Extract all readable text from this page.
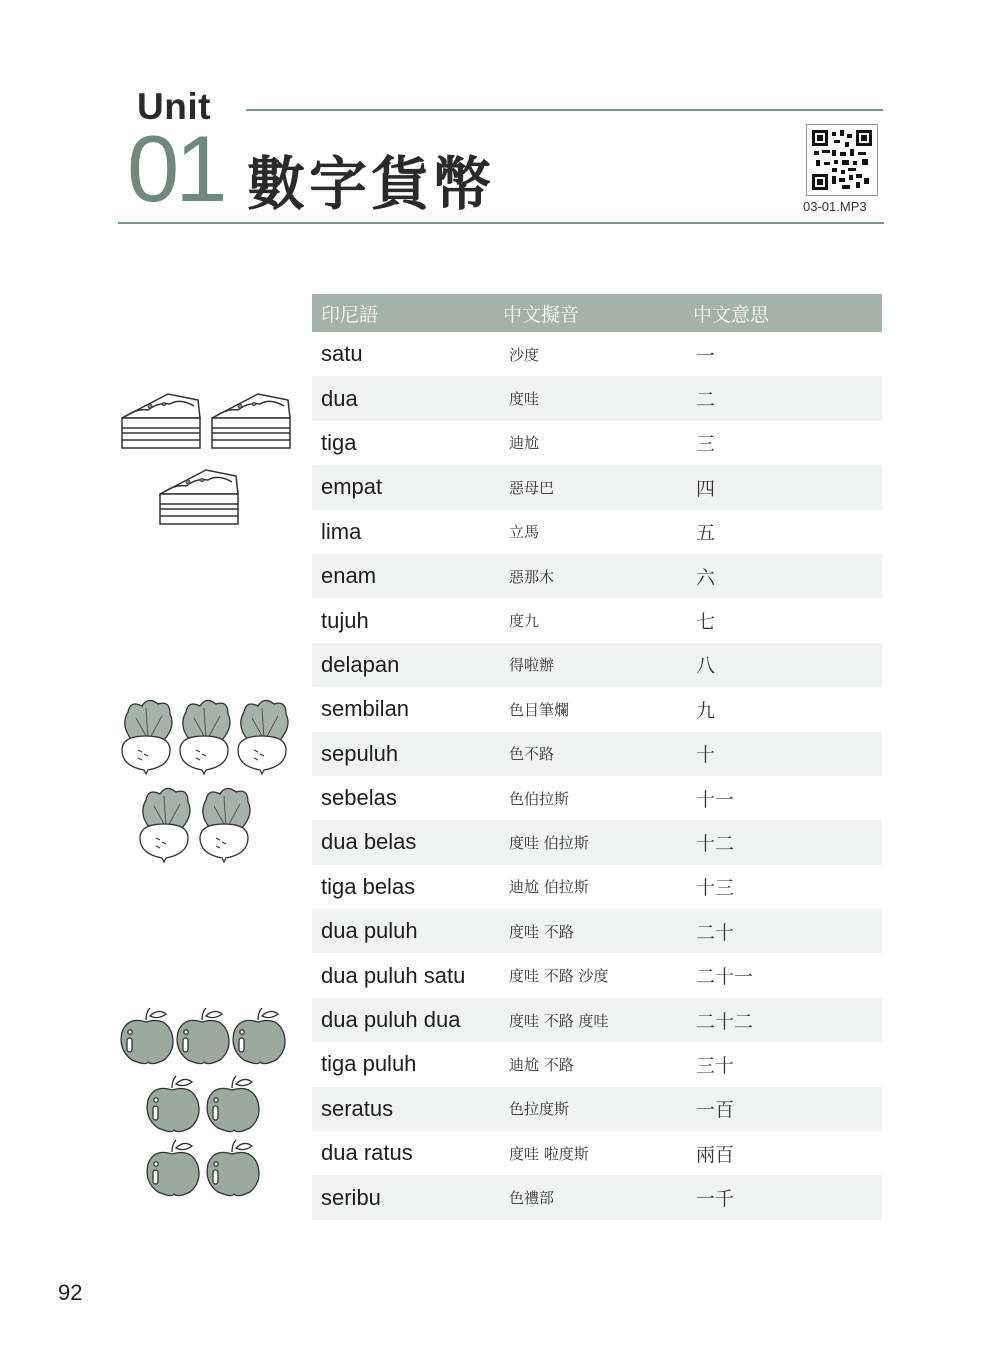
Unit
01 數字貨幣	03-01.MP3
印尼語	中文擬音	中文意思
satu	沙度	一
dua	度哇	二
tiga	迪尬	三
empat	惡母巴	四
lima	立馬	五
enam	惡那木	六
tujuh	度九	七
delapan	得啦辦	八
sembilan	色目筆爛	九
sepuluh	色不路	十
sebelas	色伯拉斯	十一
dua belas	度哇 伯拉斯	十二
tiga belas	迪尬 伯拉斯	十三
dua puluh	度哇 不路	二十
dua puluh satu	度哇 不路 沙度	二十一
dua puluh dua	度哇 不路 度哇	二十二
tiga puluh	迪尬 不路	三十
seratus	色拉度斯	一百
dua ratus	度哇 啦度斯	兩百
seribu	色禮部	一千
92
